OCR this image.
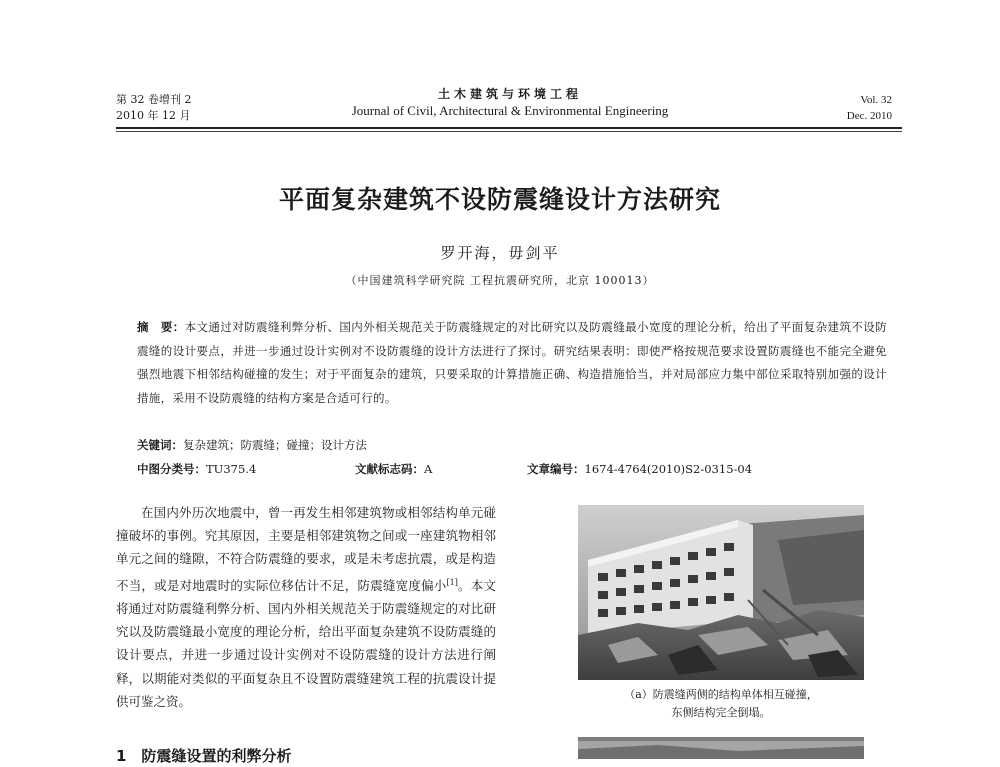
第 32 卷增刊 2
2010 年 12 月
土木建筑与环境工程
Journal of Civil, Architectural & Environmental Engineering
Vol. 32
Dec. 2010
平面复杂建筑不设防震缝设计方法研究
罗开海，毋剑平
（中国建筑科学研究院 工程抗震研究所，北京 100013）
摘　要：本文通过对防震缝利弊分析、国内外相关规范关于防震缝规定的对比研究以及防震缝最小宽度的理论分析，给出了平面复杂建筑不设防震缝的设计要点，并进一步通过设计实例对不设防震缝的设计方法进行了探讨。研究结果表明：即使严格按规范要求设置防震缝也不能完全避免强烈地震下相邻结构碰撞的发生；对于平面复杂的建筑，只要采取的计算措施正确、构造措施恰当，并对局部应力集中部位采取特别加强的设计措施，采用不设防震缝的结构方案是合适可行的。
关键词：复杂建筑；防震缝；碰撞；设计方法
中图分类号：TU375.4	文献标志码：A	文章编号：1674-4764(2010)S2-0315-04

在国内外历次地震中，曾一再发生相邻建筑物或相邻结构单元碰撞破坏的事例。究其原因，主要是相邻建筑物之间或一座建筑物相邻单元之间的缝隙，不符合防震缝的要求，或是未考虑抗震，或是构造不当，或是对地震时的实际位移估计不足，防震缝宽度偏小[1]。本文将通过对防震缝利弊分析、国内外相关规范关于防震缝规定的对比研究以及防震缝最小宽度的理论分析，给出平面复杂建筑不设防震缝的设计要点，并进一步通过设计实例对不设防震缝的设计方法进行阐释，以期能对类似的平面复杂且不设置防震缝建筑工程的抗震设计提供可鉴之资。

1　防震缝设置的利弊分析
（a）防震缝两侧的结构单体相互碰撞，
东侧结构完全倒塌。
